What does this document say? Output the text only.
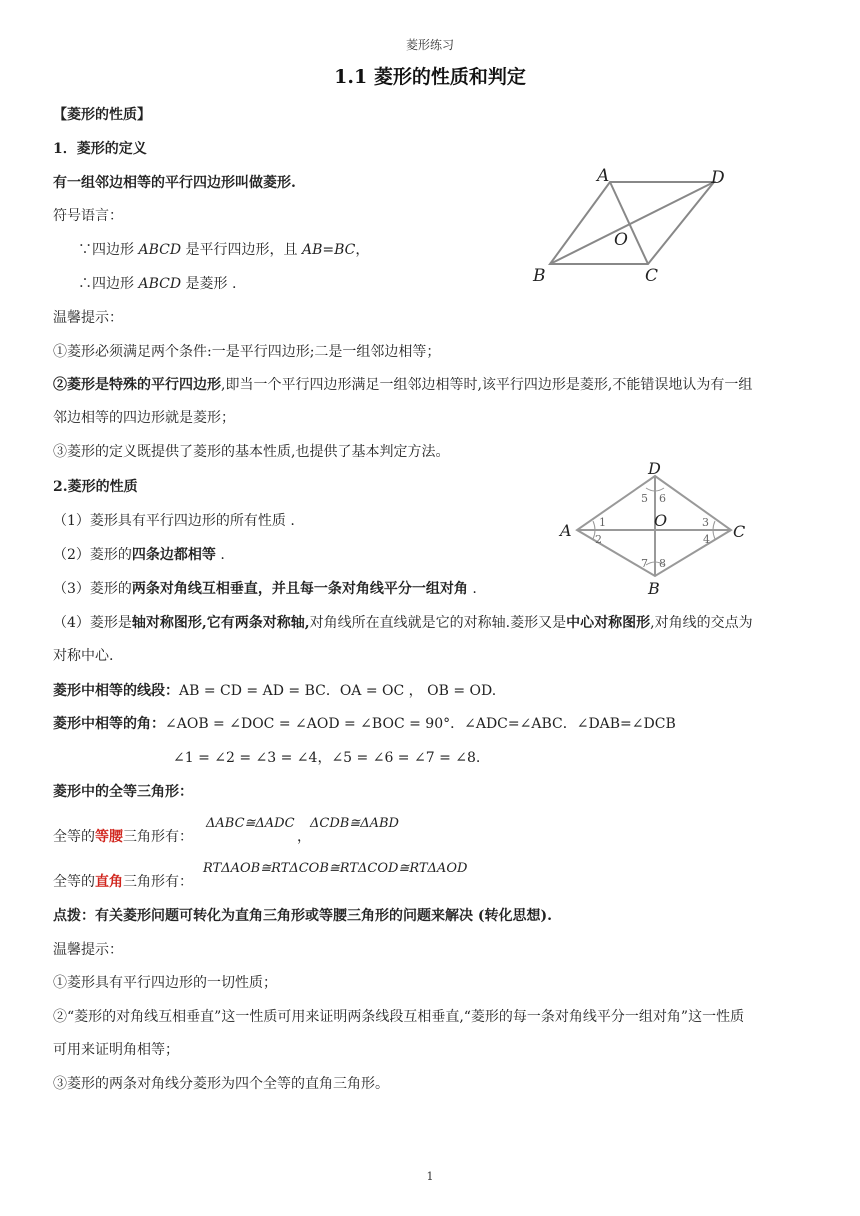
菱形练习
1.1 菱形的性质和判定
【菱形的性质】
1．菱形的定义
有一组邻边相等的平行四边形叫做菱形.
符号语言：
∵四边形 ABCD 是平行四边形，且 AB=BC，
∴四边形 ABCD 是菱形 .
温馨提示：
①菱形必须满足两个条件:一是平行四边形;二是一组邻边相等；
②菱形是特殊的平行四边形,即当一个平行四边形满足一组邻边相等时,该平行四边形是菱形,不能错误地认为有一组
邻边相等的四边形就是菱形；
③菱形的定义既提供了菱形的基本性质,也提供了基本判定方法。
2.菱形的性质
（1）菱形具有平行四边形的所有性质 .
（2）菱形的四条边都相等 .
（3）菱形的两条对角线互相垂直，并且每一条对角线平分一组对角 .
（4）菱形是轴对称图形,它有两条对称轴,对角线所在直线就是它的对称轴.菱形又是中心对称图形,对角线的交点为
对称中心.
菱形中相等的线段：AB = CD = AD = BC．OA = OC ， OB = OD.
菱形中相等的角：∠AOB = ∠DOC = ∠AOD = ∠BOC = 90°．∠ADC=∠ABC．∠DAB=∠DCB
∠1 = ∠2 = ∠3 = ∠4，∠5 = ∠6 = ∠7 = ∠8.
菱形中的全等三角形：
全等的等腰三角形有：
ΔABC≅ΔADC
，
ΔCDB≅ΔABD
全等的直角三角形有：
RTΔAOB≅RTΔCOB≅RTΔCOD≅RTΔAOD
点拨：有关菱形问题可转化为直角三角形或等腰三角形的问题来解决 (转化思想).
温馨提示：
①菱形具有平行四边形的一切性质；
②“菱形的对角线互相垂直”这一性质可用来证明两条线段互相垂直,“菱形的每一条对角线平分一组对角”这一性质
可用来证明角相等；
③菱形的两条对角线分菱形为四个全等的直角三角形。
A	D
O
B	C
1
2
3
4
5 6
7 8
D
A	C
B
O
1
